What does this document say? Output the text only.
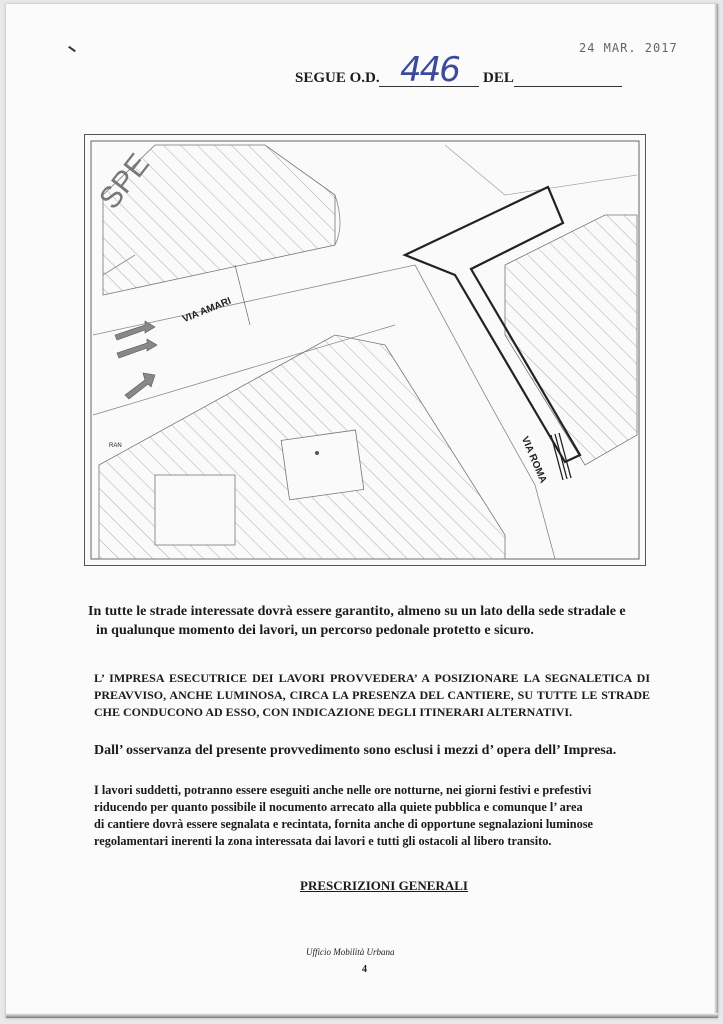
24 MAR. 2017
SEGUE O.D. 446 DEL
SPE
VIA AMARI
VIA ROMA
RAN
In tutte le strade interessate dovrà essere garantito, almeno su un lato della sede stradale e
in qualunque momento dei lavori, un percorso pedonale protetto e sicuro.
L’ IMPRESA ESECUTRICE DEI LAVORI PROVVEDERA’ A POSIZIONARE LA SEGNALETICA DI PREAVVISO, ANCHE LUMINOSA, CIRCA LA PRESENZA DEL CANTIERE, SU TUTTE LE STRADE CHE CONDUCONO AD ESSO, CON INDICAZIONE DEGLI ITINERARI ALTERNATIVI.
Dall’ osservanza del presente provvedimento sono esclusi i mezzi d’ opera dell’ Impresa.
I lavori suddetti, potranno essere eseguiti anche nelle ore notturne, nei giorni festivi e prefestivi
riducendo per quanto possibile il nocumento arrecato alla quiete pubblica e comunque l’ area
di cantiere dovrà essere segnalata e recintata, fornita anche di opportune segnalazioni luminose
regolamentari inerenti la zona interessata dai lavori e tutti gli ostacoli al libero transito.
PRESCRIZIONI GENERALI
Ufficio Mobilità Urbana
4
